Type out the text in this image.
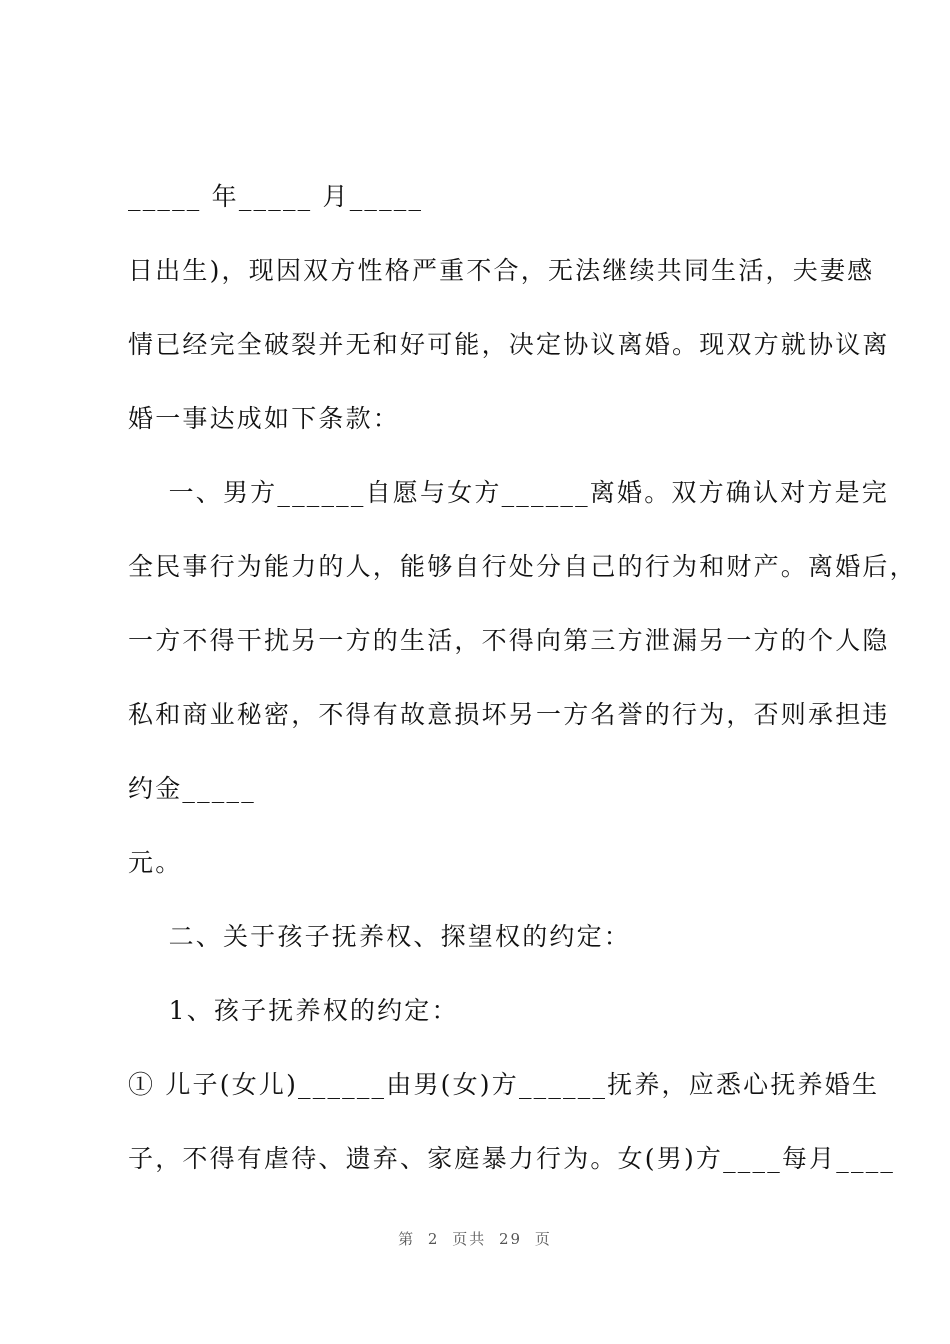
_____ 年_____ 月_____
日出生)，现因双方性格严重不合，无法继续共同生活，夫妻感
情已经完全破裂并无和好可能，决定协议离婚。现双方就协议离
婚一事达成如下条款：
一、男方______自愿与女方______离婚。双方确认对方是完
全民事行为能力的人，能够自行处分自己的行为和财产。离婚后，
一方不得干扰另一方的生活，不得向第三方泄漏另一方的个人隐
私和商业秘密，不得有故意损坏另一方名誉的行为，否则承担违
约金_____
元。
二、关于孩子抚养权、探望权的约定：
1、孩子抚养权的约定：
① 儿子(女儿)______由男(女)方______抚养，应悉心抚养婚生
子，不得有虐待、遗弃、家庭暴力行为。女(男)方____每月____
第 2 页共 29 页
